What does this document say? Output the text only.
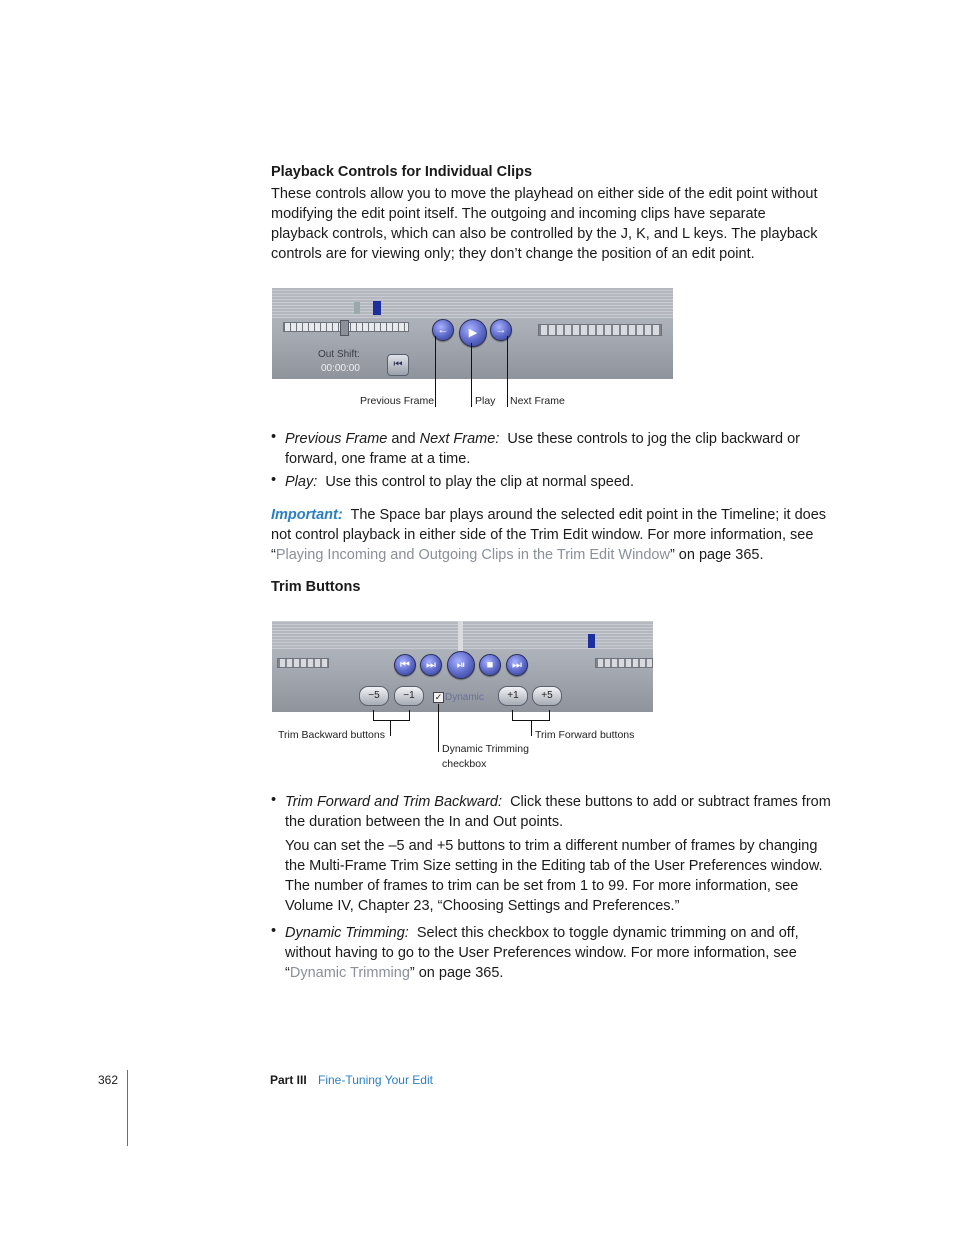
Playback Controls for Individual Clips
These controls allow you to move the playhead on either side of the edit point without
modifying the edit point itself. The outgoing and incoming clips have separate
playback controls, which can also be controlled by the J, K, and L keys. The playback
controls are for viewing only; they don’t change the position of an edit point.
←	▶	→
Out Shift:
00:00:00	⏮
Previous Frame	Play Next Frame
• Previous Frame and Next Frame: Use these controls to jog the clip backward or
forward, one frame at a time.
• Play: Use this control to play the clip at normal speed.
Important: The Space bar plays around the selected edit point in the Timeline; it does
not control playback in either side of the Trim Edit window. For more information, see
“Playing Incoming and Outgoing Clips in the Trim Edit Window” on page 365.
Trim Buttons
⏮	⏭	⏯	■	⏭
−5	−1	✓ Dynamic	+1	+5
Trim Backward buttons
Dynamic Trimming
checkbox
Trim Forward buttons
• Trim Forward and Trim Backward: Click these buttons to add or subtract frames from
the duration between the In and Out points.
You can set the –5 and +5 buttons to trim a different number of frames by changing
the Multi-Frame Trim Size setting in the Editing tab of the User Preferences window.
The number of frames to trim can be set from 1 to 99. For more information, see
Volume IV, Chapter 23, “Choosing Settings and Preferences.”
• Dynamic Trimming: Select this checkbox to toggle dynamic trimming on and off,
without having to go to the User Preferences window. For more information, see
“Dynamic Trimming” on page 365.
362	Part III Fine-Tuning Your Edit
